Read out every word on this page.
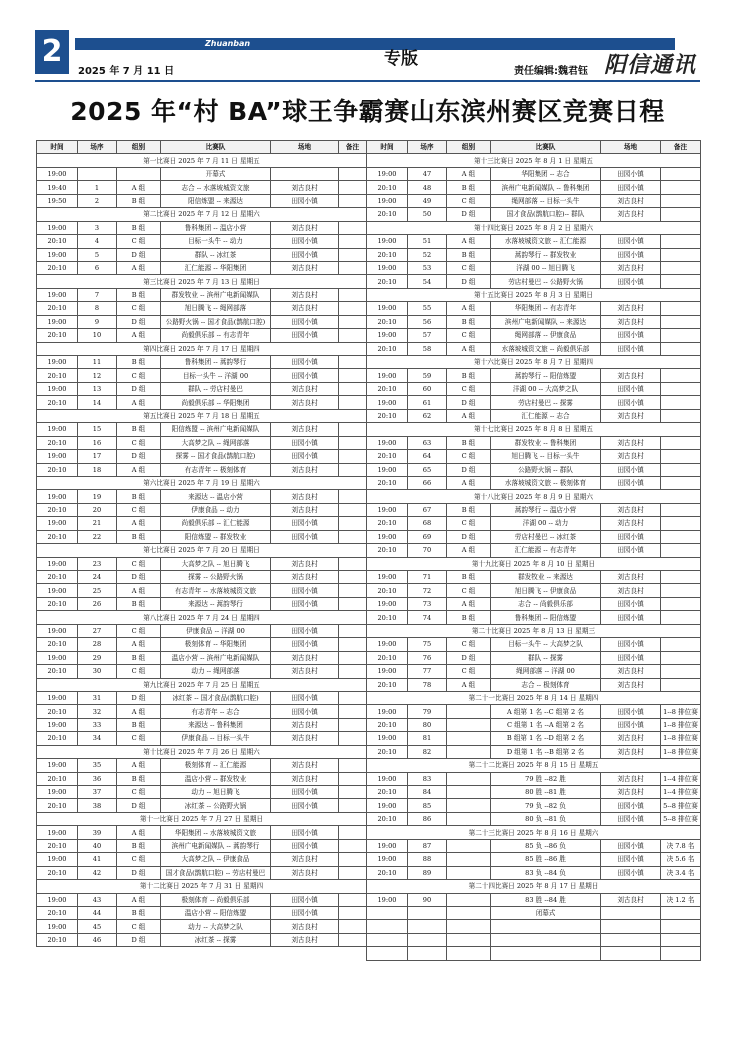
2	Zhuanban
2025 年 7 月 11 日
专版
责任编辑:魏君钰 阳信通讯
2025 年“村 BA”球王争霸赛山东滨州赛区竞赛日程
时间	场序	组别	比赛队	场地	备注
第一比赛日 2025 年 7 月 11 日 星期五					
19:00			开幕式		
19:40	1	A 组	志合 -- 水落坡城资文旅	刘古良村	
19:50	2	B 组	阳信炼盟 -- 来源达	田园小镇	
第二比赛日 2025 年 7 月 12 日 星期六					
19:00	3	B 组	鲁科集团 -- 温店小营	刘古良村	
20:10	4	C 组	目标一头牛 -- 动力	田园小镇	
19:00	5	D 组	群队 -- 冰红茶	田园小镇	
20:10	6	A 组	汇仁能源 -- 华阳集团	刘古良村	
第三比赛日 2025 年 7 月 13 日 星期日					
19:00	7	B 组	群发牧业 -- 滨州广电新闻媒队	刘古良村	
20:10	8	C 组	旭日腾飞 -- 绳网部落	刘古良村	
19:00	9	D 组	公路野火锅 -- 国才食品(鹊航口腔)	田园小镇	
20:10	10	A 组	尚毅俱乐部 -- 有志青年	田园小镇	
第四比赛日 2025 年 7 月 17 日 星期四					
19:00	11	B 组	鲁科集团 -- 蒿韵琴行	田园小镇	
20:10	12	C 组	目标一头牛 -- 洋湖 00	田园小镇	
19:00	13	D 组	群队 -- 劳店村曼巴	刘古良村	
20:10	14	A 组	尚毅俱乐部 -- 华阳集团	刘古良村	
第五比赛日 2025 年 7 月 18 日 星期五					
19:00	15	B 组	阳信炼盟 -- 滨州广电新闻媒队	刘古良村	
20:10	16	C 组	大高梦之队 -- 绳网部落	田园小镇	
19:00	17	D 组	探雾 -- 国才食品(鹊航口腔)	田园小镇	
20:10	18	A 组	有志青年 -- 极刻体育	刘古良村	
第六比赛日 2025 年 7 月 19 日 星期六					
19:00	19	B 组	来源达 -- 温店小营	刘古良村	
20:10	20	C 组	伊康食品 -- 动力	刘古良村	
19:00	21	A 组	尚毅俱乐部 -- 汇仁能源	田园小镇	
20:10	22	B 组	阳信炼盟 -- 群发牧业	田园小镇	
第七比赛日 2025 年 7 月 20 日 星期日					
19:00	23	C 组	大高梦之队 -- 旭日腾飞	刘古良村	
20:10	24	D 组	探雾 -- 公路野火锅	刘古良村	
19:00	25	A 组	有志青年 -- 水落坡城资文旅	田园小镇	
20:10	26	B 组	来源达 -- 蒿韵琴行	田园小镇	
第八比赛日 2025 年 7 月 24 日 星期四					
19:00	27	C 组	伊康食品 -- 洋湖 00	田园小镇	
20:10	28	A 组	极刻体育 -- 华阳集团	田园小镇	
19:00	29	B 组	温店小营 -- 滨州广电新闻媒队	刘古良村	
20:10	30	C 组	动力 -- 绳网部落	刘古良村	
第九比赛日 2025 年 7 月 25 日 星期五					
19:00	31	D 组	冰红茶 -- 国才食品(鹊航口腔)	田园小镇	
20:10	32	A 组	有志青年 -- 志合	田园小镇	
19:00	33	B 组	来源达 -- 鲁科集团	刘古良村	
20:10	34	C 组	伊康食品 -- 目标一头牛	刘古良村	
第十比赛日 2025 年 7 月 26 日 星期六					
19:00	35	A 组	极刻体育 -- 汇仁能源	刘古良村	
20:10	36	B 组	温店小营 -- 群发牧业	刘古良村	
19:00	37	C 组	动力 -- 旭日腾飞	田园小镇	
20:10	38	D 组	冰红茶 -- 公路野火锅	田园小镇	
第十一比赛日 2025 年 7 月 27 日 星期日					
19:00	39	A 组	华阳集团 -- 水落坡城资文旅	田园小镇	
20:10	40	B 组	滨州广电新闻媒队 -- 蒿韵琴行	田园小镇	
19:00	41	C 组	大高梦之队 -- 伊康食品	刘古良村	
20:10	42	D 组	国才食品(鹊航口腔) -- 劳店村曼巴	刘古良村	
第十二比赛日 2025 年 7 月 31 日 星期四					
19:00	43	A 组	极刻体育 -- 尚毅俱乐部	田园小镇	
20:10	44	B 组	温店小营 -- 阳信炼盟	田园小镇	
19:00	45	C 组	动力 -- 大高梦之队	刘古良村	
20:10	46	D 组	冰红茶 -- 探雾	刘古良村	
时间	场序	组别	比赛队	场地	备注
第十三比赛日 2025 年 8 月 1 日 星期五					
19:00	47	A 组	华阳集团 -- 志合	田园小镇	
20:10	48	B 组	滨州广电新闻媒队 -- 鲁科集团	田园小镇	
19:00	49	C 组	绳网部落 -- 目标一头牛	刘古良村	
20:10	50	D 组	国才食品(鹊航口腔)-- 群队	刘古良村	
第十四比赛日 2025 年 8 月 2 日 星期六					
19:00	51	A 组	水落坡城资文旅 -- 汇仁能源	田园小镇	
20:10	52	B 组	蒿韵琴行 -- 群发牧业	田园小镇	
19:00	53	C 组	洋湖 00 -- 旭日腾飞	刘古良村	
20:10	54	D 组	劳店村曼巴 -- 公路野火锅	田园小镇	
第十五比赛日 2025 年 8 月 3 日 星期日					
19:00	55	A 组	华阳集团 -- 有志青年	刘古良村	
20:10	56	B 组	滨州广电新闻媒队 -- 来源达	刘古良村	
19:00	57	C 组	绳网部落 -- 伊康食品	田园小镇	
20:10	58	A 组	水落坡城资文旅 -- 尚毅俱乐部	田园小镇	
第十六比赛日 2025 年 8 月 7 日 星期四					
19:00	59	B 组	蒿韵琴行 -- 阳信炼盟	刘古良村	
20:10	60	C 组	洋湖 00 -- 大高梦之队	田园小镇	
19:00	61	D 组	劳店村曼巴 -- 探雾	田园小镇	
20:10	62	A 组	汇仁能源 -- 志合	刘古良村	
第十七比赛日 2025 年 8 月 8 日 星期五					
19:00	63	B 组	群发牧业 -- 鲁科集团	刘古良村	
20:10	64	C 组	旭日腾飞 -- 目标一头牛	刘古良村	
19:00	65	D 组	公路野火锅 -- 群队	田园小镇	
20:10	66	A 组	水落坡城资文旅 -- 极刻体育	田园小镇	
第十八比赛日 2025 年 8 月 9 日 星期六					
19:00	67	B 组	蒿韵琴行 -- 温店小营	刘古良村	
20:10	68	C 组	洋湖 00 -- 动力	刘古良村	
19:00	69	D 组	劳店村曼巴 -- 冰红茶	田园小镇	
20:10	70	A 组	汇仁能源 -- 有志青年	田园小镇	
第十九比赛日 2025 年 8 月 10 日 星期日					
19:00	71	B 组	群发牧业 -- 来源达	刘古良村	
20:10	72	C 组	旭日腾飞 -- 伊康食品	刘古良村	
19:00	73	A 组	志合 -- 尚毅俱乐部	田园小镇	
20:10	74	B 组	鲁科集团 -- 阳信炼盟	田园小镇	
第二十比赛日 2025 年 8 月 13 日 星期三					
19:00	75	C 组	目标一头牛 -- 大高梦之队	田园小镇	
20:10	76	D 组	群队 -- 探雾	田园小镇	
19:00	77	C 组	绳网部落 -- 洋湖 00	刘古良村	
20:10	78	A 组	志合 -- 极刻体育	刘古良村	
第二十一比赛日 2025 年 8 月 14 日 星期四					
19:00	79		A 组第 1 名 --C 组第 2 名	田园小镇	1--8 排位赛
20:10	80		C 组第 1 名 --A 组第 2 名	田园小镇	1--8 排位赛
19:00	81		B 组第 1 名 --D 组第 2 名	刘古良村	1--8 排位赛
20:10	82		D 组第 1 名 --B 组第 2 名	刘古良村	1--8 排位赛
第二十二比赛日 2025 年 8 月 15 日 星期五					
19:00	83		79 胜 --82 胜	刘古良村	1--4 排位赛
20:10	84		80 胜 --81 胜	刘古良村	1--4 排位赛
19:00	85		79 负 --82 负	田园小镇	5--8 排位赛
20:10	86		80 负 --81 负	田园小镇	5--8 排位赛
第二十三比赛日 2025 年 8 月 16 日 星期六					
19:00	87		85 负 --86 负	田园小镇	决 7.8 名
19:00	88		85 胜 --86 胜	田园小镇	决 5.6 名
20:10	89		83 负 --84 负	田园小镇	决 3.4 名
第二十四比赛日 2025 年 8 月 17 日 星期日					
19:00	90		83 胜 --84 胜	刘古良村	决 1.2 名
			闭幕式		
